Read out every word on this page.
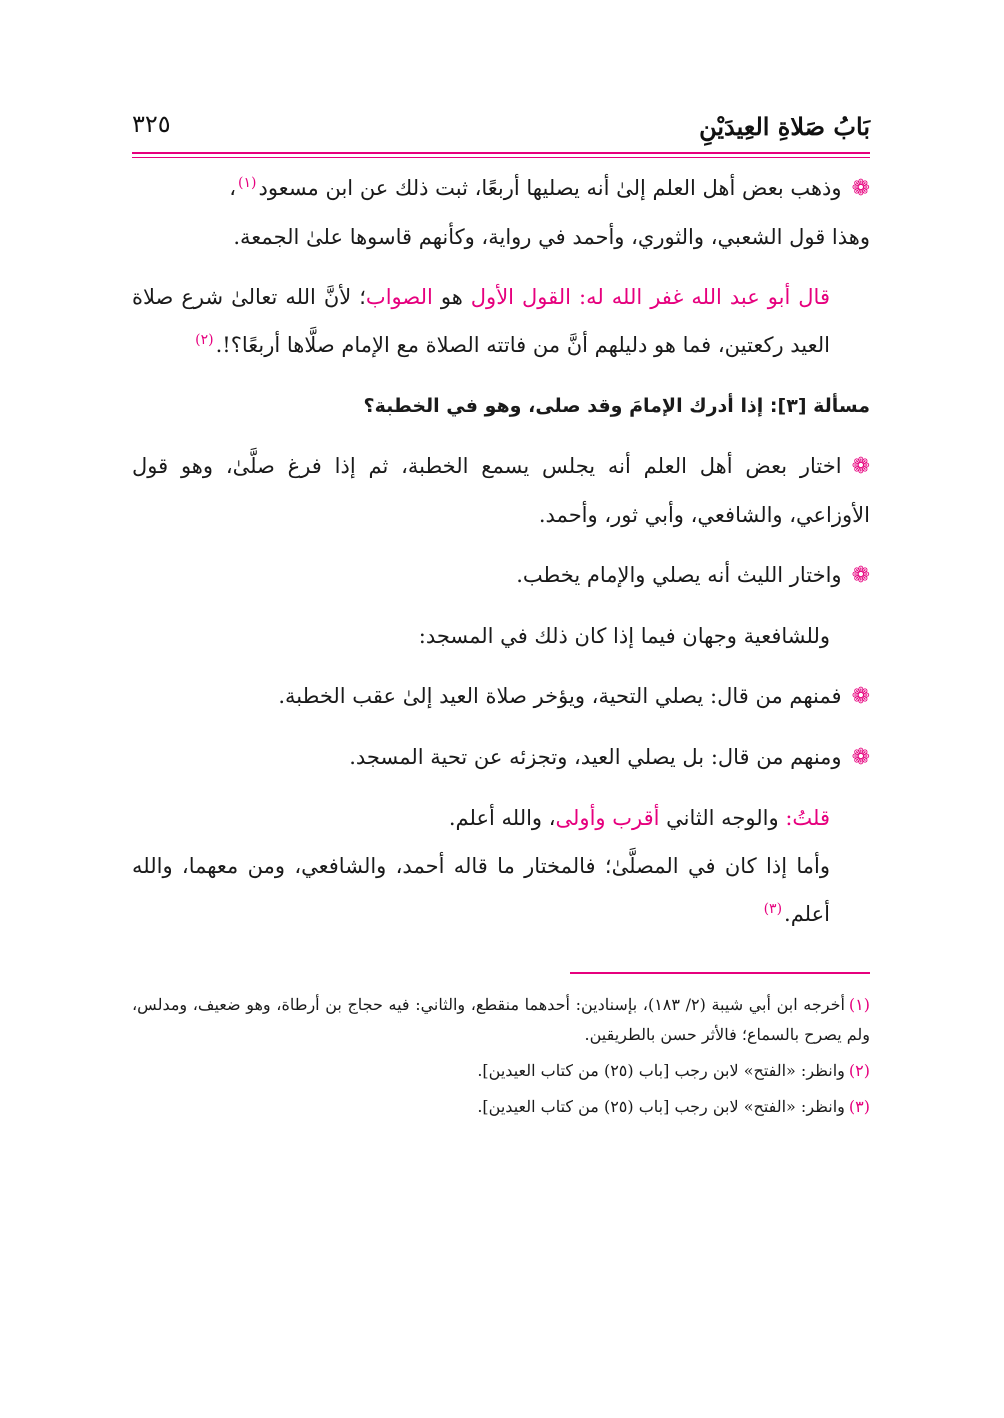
بَابُ صَلاةِ العِيدَيْنِ
٣٢٥

❁وذهب بعض أهل العلم إلىٰ أنه يصليها أربعًا، ثبت ذلك عن ابن مسعود$^{(١)}$،
وهذا قول الشعبي، والثوري، وأحمد في رواية، وكأنهم قاسوها علىٰ الجمعة.

قال أبو عبد الله غفر الله له: القول الأول هو الصواب؛ لأنَّ الله تعالىٰ شرع صلاة العيد ركعتين، فما هو دليلهم أنَّ من فاتته الصلاة مع الإمام صلَّاها أربعًا؟!.$^{(٢)}$

مسألة [٣]: إذا أدرك الإمامَ وقد صلى، وهو في الخطبة؟

❁اختار بعض أهل العلم أنه يجلس يسمع الخطبة، ثم إذا فرغ صلَّىٰ، وهو قول الأوزاعي، والشافعي، وأبي ثور، وأحمد.

❁واختار الليث أنه يصلي والإمام يخطب.

وللشافعية وجهان فيما إذا كان ذلك في المسجد:

❁فمنهم من قال: يصلي التحية، ويؤخر صلاة العيد إلىٰ عقب الخطبة.

❁ومنهم من قال: بل يصلي العيد، وتجزئه عن تحية المسجد.

قلتُ: والوجه الثاني أقرب وأولى، والله أعلم.

وأما إذا كان في المصلَّىٰ؛ فالمختار ما قاله أحمد، والشافعي، ومن معهما، والله أعلم.$^{(٣)}$

(١)أخرجه ابن أبي شيبة (٢/ ١٨٣)، بإسنادين: أحدهما منقطع، والثاني: فيه حجاج بن أرطاة، وهو ضعيف، ومدلس، ولم يصرح بالسماع؛ فالأثر حسن بالطريقين.

(٢)وانظر: «الفتح» لابن رجب [باب (٢٥) من كتاب العيدين].

(٣)وانظر: «الفتح» لابن رجب [باب (٢٥) من كتاب العيدين].
